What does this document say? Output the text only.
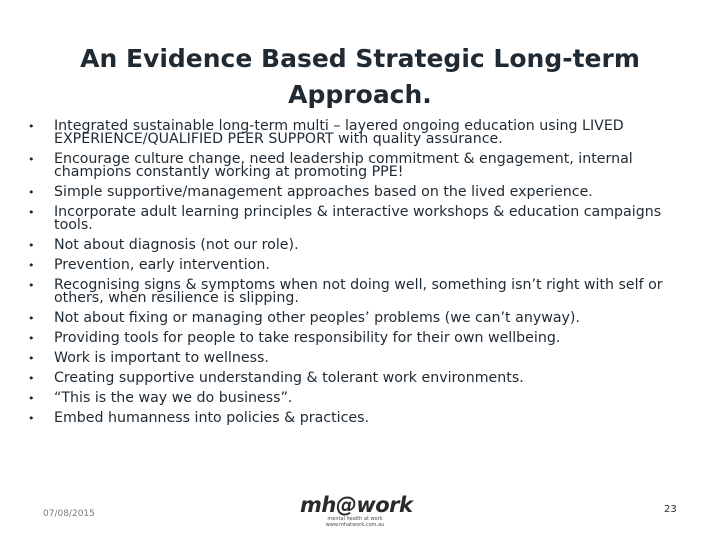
An Evidence Based Strategic Long-term Approach.
• Integrated sustainable long-term multi – layered ongoing education using LIVED EXPERIENCE/QUALIFIED PEER SUPPORT with quality assurance.
• Encourage culture change, need leadership commitment & engagement, internal champions constantly working at promoting PPE!
• Simple supportive/management approaches based on the lived experience.
• Incorporate adult learning principles & interactive workshops & education campaigns tools.
• Not about diagnosis (not our role).
• Prevention, early intervention.
• Recognising signs & symptoms when not doing well, something isn’t right with self or others, when resilience is slipping.
• Not about fixing or managing other peoples’ problems (we can’t anyway).
• Providing tools for people to take responsibility for their own wellbeing.
• Work is important to wellness.
• Creating supportive understanding & tolerant work environments.
• “This is the way we do business”.
• Embed humanness into policies & practices.
07/08/2015	mh@work
mental health at work
www.mhatwork.com.au
23
